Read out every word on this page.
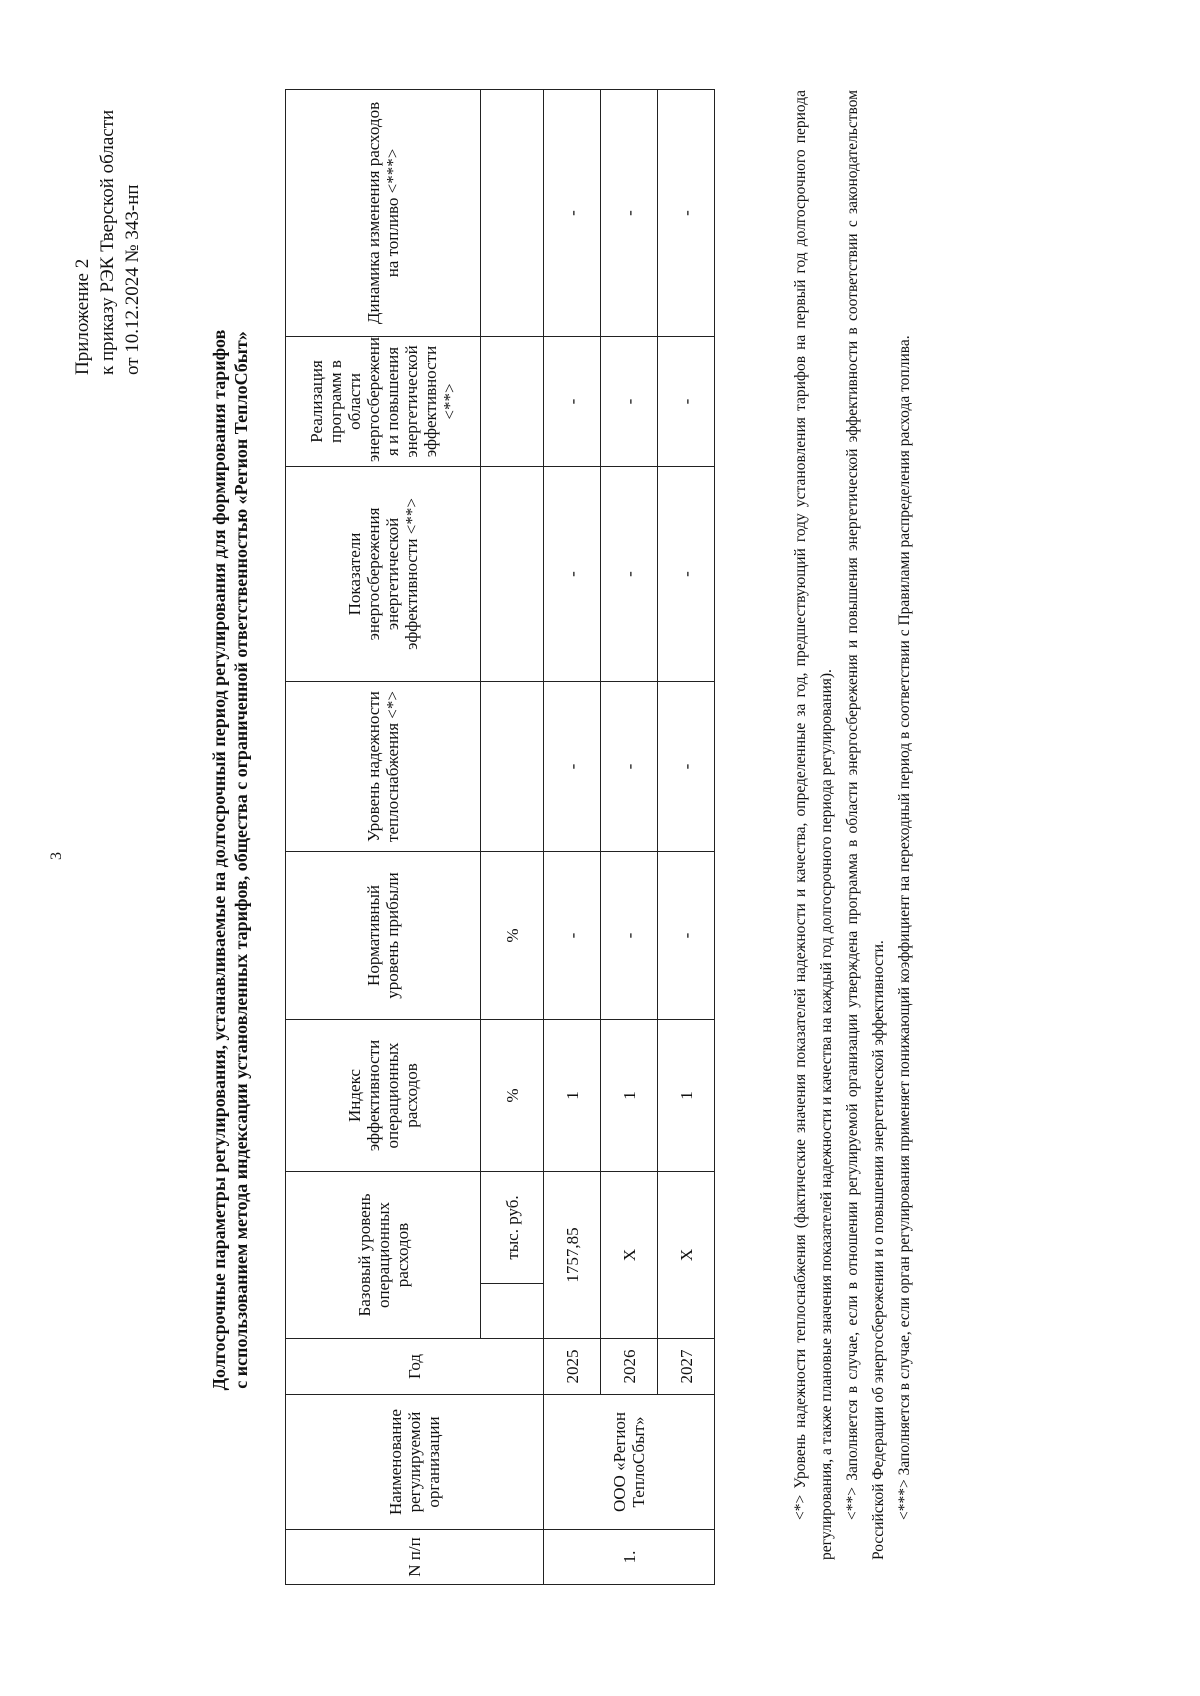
3
Приложение 2 к приказу РЭК Тверской области от 10.12.2024 № 343-нп
Долгосрочные параметры регулирования, устанавливаемые на долгосрочный период регулирования для формирования тарифов с использованием метода индексации установленных тарифов, общества с ограниченной ответственностью «Регион ТеплоСбыт»
N п/п	Наименование регулируемой организации	Год	Базовый уровень операционных расходов		Индекс эффективности операционных расходов	Нормативный уровень прибыли	Уровень надежности теплоснабжения <*>	Показатели энергосбережения энергетической эффективности <**>	Реализация программ в области энергосбережени я и повышения энергетической эффективности <**>	Динамика изменения расходов на топливо <***>
				тыс. руб.	%	%				
1.	ООО «Регион ТеплоСбыт»	2025	1757,85		1	-	-	-	-	-
		2026	X		1	-	-	-	-	-
		2027	X		1	-	-	-	-	-	<*> Уровень надежности теплоснабжения (фактические значения показателей надежности и качества, определенные за год, предшествующий году установления тарифов на первый год долгосрочного периода регулирования, а также плановые значения показателей надежности и качества на каждый год долгосрочного периода регулирования). <**> Заполняется в случае, если в отношении регулируемой организации утверждена программа в области энергосбережения и повышения энергетической эффективности в соответствии с законодательством Российской Федерации об энергосбережении и о повышении энергетической эффективности. <***> Заполняется в случае, если орган регулирования применяет понижающий коэффициент на переходный период в соответствии с Правилами распределения расхода топлива.
